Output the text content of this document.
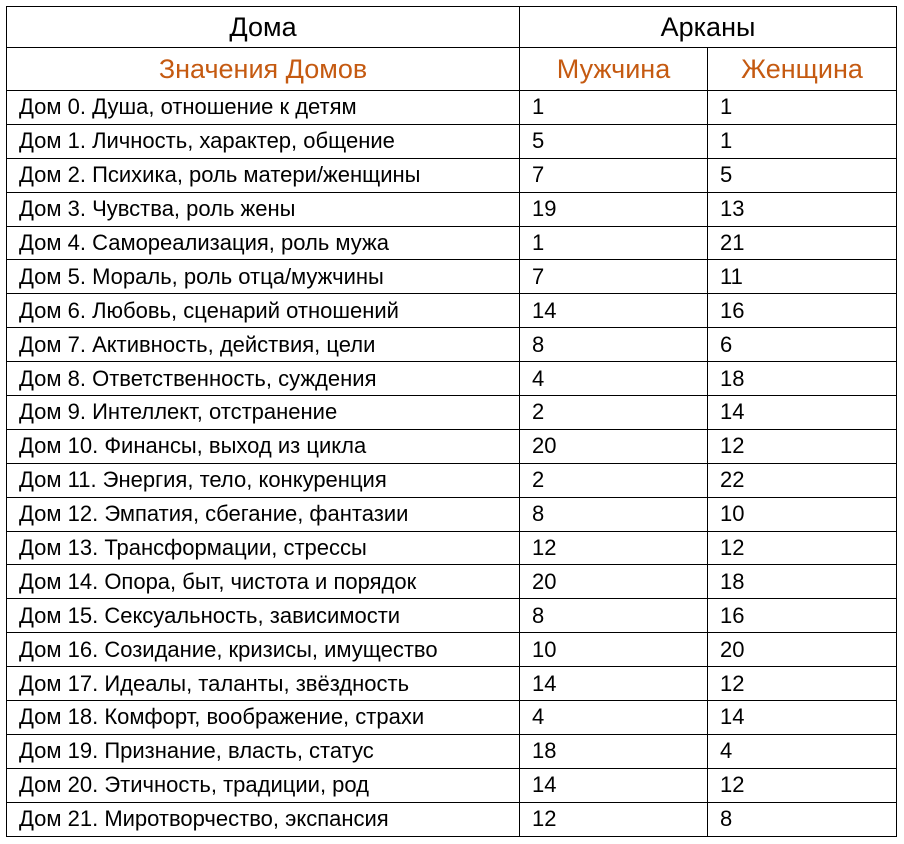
Дома	Арканы	
Значения Домов	Мужчина	Женщина
Дом 0. Душа, отношение к детям	1	1
Дом 1. Личность, характер, общение	5	1
Дом 2. Психика, роль матери/женщины	7	5
Дом 3. Чувства, роль жены	19	13
Дом 4. Самореализация, роль мужа	1	21
Дом 5. Мораль, роль отца/мужчины	7	11
Дом 6. Любовь, сценарий отношений	14	16
Дом 7. Активность, действия, цели	8	6
Дом 8. Ответственность, суждения	4	18
Дом 9. Интеллект, отстранение	2	14
Дом 10. Финансы, выход из цикла	20	12
Дом 11. Энергия, тело, конкуренция	2	22
Дом 12. Эмпатия, сбегание, фантазии	8	10
Дом 13. Трансформации, стрессы	12	12
Дом 14. Опора, быт, чистота и порядок	20	18
Дом 15. Сексуальность, зависимости	8	16
Дом 16. Созидание, кризисы, имущество	10	20
Дом 17. Идеалы, таланты, звёздность	14	12
Дом 18. Комфорт, воображение, страхи	4	14
Дом 19. Признание, власть, статус	18	4
Дом 20. Этичность, традиции, род	14	12
Дом 21. Миротворчество, экспансия	12	8
